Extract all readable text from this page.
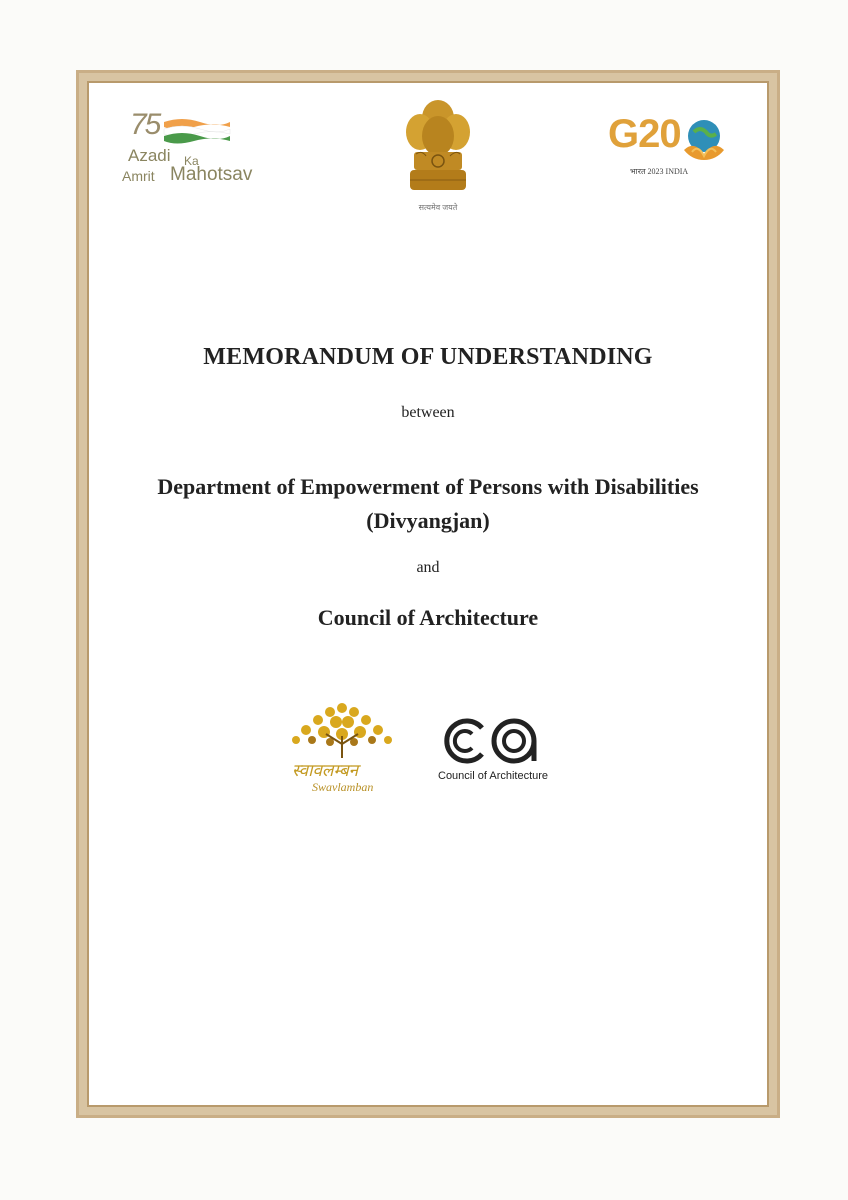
75
Azadi Ka
Amrit Mahotsav
सत्यमेव जयते
G20
भारत 2023 INDIA
MEMORANDUM OF UNDERSTANDING
between
Department of Empowerment of Persons with Disabilities
(Divyangjan)
and
Council of Architecture
स्वावलम्बन
Swavlamban
Council of Architecture
